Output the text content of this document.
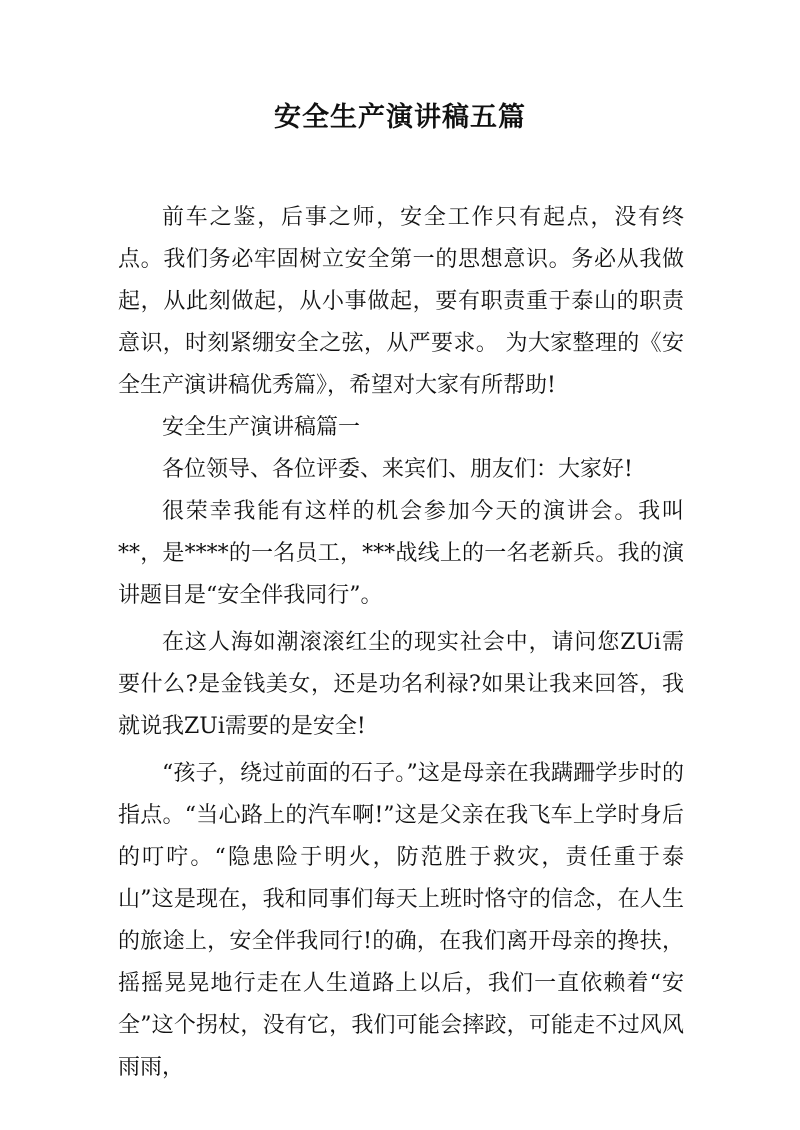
安全生产演讲稿五篇

前车之鉴，后事之师，安全工作只有起点，没有终点。我们务必牢固树立安全第一的思想意识。务必从我做起，从此刻做起，从小事做起，要有职责重于泰山的职责意识，时刻紧绷安全之弦，从严要求。 为大家整理的《安全生产演讲稿优秀篇》，希望对大家有所帮助!

安全生产演讲稿篇一

各位领导、各位评委、来宾们、朋友们：大家好!

很荣幸我能有这样的机会参加今天的演讲会。我叫**，是****的一名员工，***战线上的一名老新兵。我的演讲题目是“安全伴我同行”。

在这人海如潮滚滚红尘的现实社会中，请问您ZUi需要什么?是金钱美女，还是功名利禄?如果让我来回答，我就说我ZUi需要的是安全!

“孩子，绕过前面的石子。”这是母亲在我蹒跚学步时的指点。“当心路上的汽车啊!”这是父亲在我飞车上学时身后的叮咛。“隐患险于明火，防范胜于救灾，责任重于泰山”这是现在，我和同事们每天上班时恪守的信念，在人生的旅途上，安全伴我同行!的确，在我们离开母亲的搀扶，摇摇晃晃地行走在人生道路上以后，我们一直依赖着“安全”这个拐杖，没有它，我们可能会摔跤，可能走不过风风雨雨，
